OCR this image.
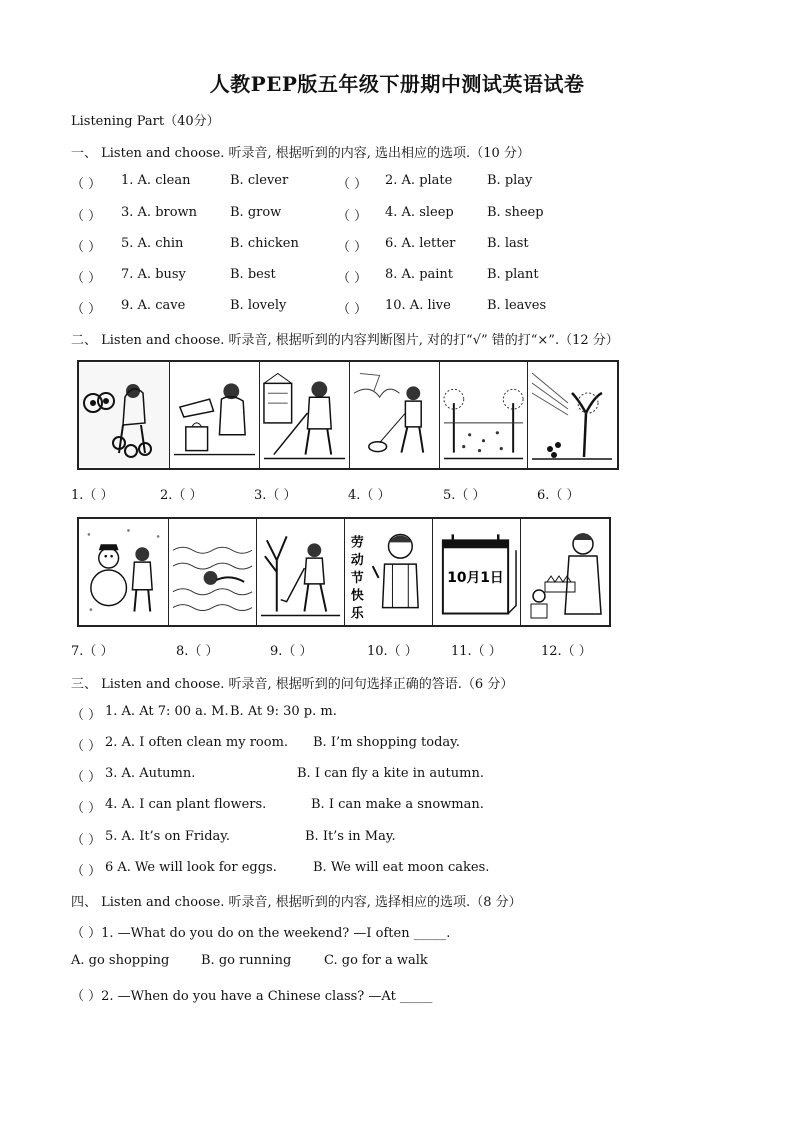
人教PEP版五年级下册期中测试英语试卷
Listening Part（40分）
一、 Listen and choose. 听录音, 根据听到的内容, 选出相应的选项.（10 分）
（ ） 1. A. clean	B. clever	（ ） 2. A. plate	B. play
（ ） 3. A. brown	B. grow	（ ） 4. A. sleep	B. sheep
（ ） 5. A. chin	B. chicken	（ ） 6. A. letter B. last
（ ） 7. A. busy	B. best	（ ） 8. A. paint	B. plant
（ ） 9. A. cave	B. lovely	（ ） 10. A. live	B. leaves
二、 Listen and choose. 听录音, 根据听到的内容判断图片, 对的打“√” 错的打“×”.（12 分）
1.（ ）	2.（ ）	3.（ ）	4.（ ）	5.（ ）	6.（ ）
劳
动
节
快
乐
10月1日
7.（ ）	8.（ ）	9.（ ）	10.（ ）	11.（ ）	12.（ ）
三、 Listen and choose. 听录音, 根据听到的问句选择正确的答语.（6 分）
（ ） 1. A. At 7: 00 a. M. B. At 9: 30 p. m.
（ ） 2. A. I often clean my room. B. I’m shopping today.
（ ） 3. A. Autumn.	B. I can fly a kite in autumn.
（ ） 4. A. I can plant flowers.	B. I can make a snowman.
（ ） 5. A. It’s on Friday.	B. It’s in May.
（ ） 6 A. We will look for eggs.	B. We will eat moon cakes.
四、 Listen and choose. 听录音, 根据听到的内容, 选择相应的选项.（8 分）
（ ）1. —What do you do on the weekend? —I often _____.
A. go shopping B. go running	C. go for a walk
（ ）2. —When do you have a Chinese class? —At _____
